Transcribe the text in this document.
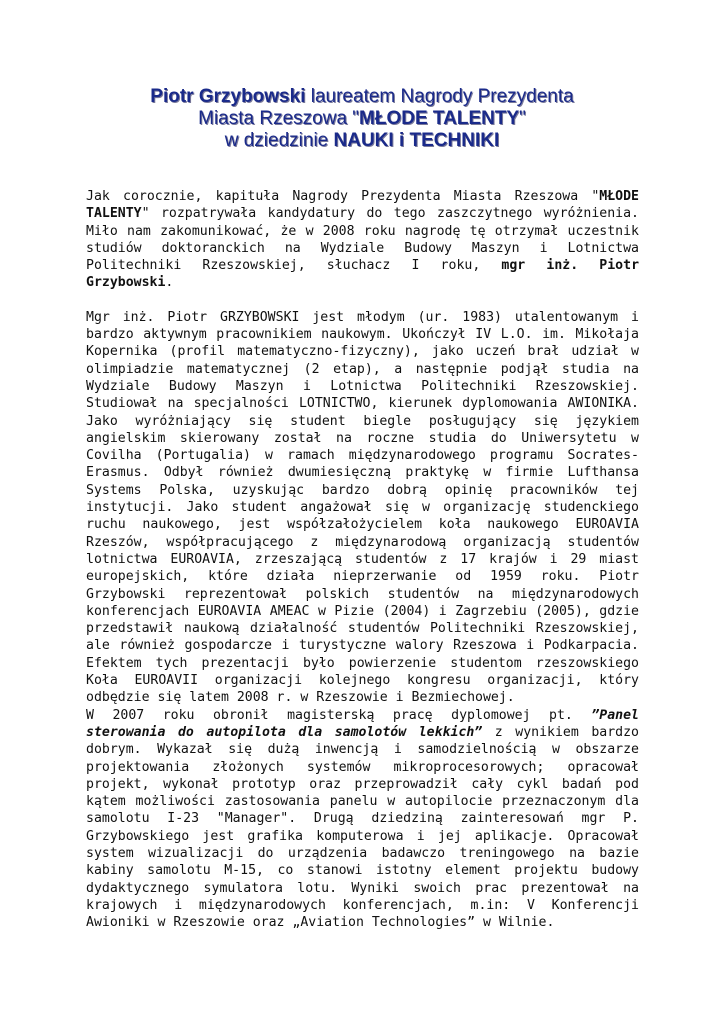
Piotr Grzybowski laureatem Nagrody Prezydenta
Miasta Rzeszowa "MŁODE TALENTY"
w dziedzinie NAUKI i TECHNIKI

Jak corocznie, kapituła Nagrody Prezydenta Miasta Rzeszowa "MŁODE TALENTY" rozpatrywała kandydatury do tego zaszczytnego wyróżnienia. Miło nam zakomunikować, że w 2008 roku nagrodę tę otrzymał uczestnik studiów doktoranckich na Wydziale Budowy Maszyn i Lotnictwa Politechniki Rzeszowskiej, słuchacz I roku, mgr inż. Piotr Grzybowski.

Mgr inż. Piotr GRZYBOWSKI jest młodym (ur. 1983) utalentowanym i bardzo aktywnym pracownikiem naukowym. Ukończył IV L.O. im. Mikołaja Kopernika (profil matematyczno-fizyczny), jako uczeń brał udział w olimpiadzie matematycznej (2 etap), a następnie podjął studia na Wydziale Budowy Maszyn i Lotnictwa Politechniki Rzeszowskiej. Studiował na specjalności LOTNICTWO, kierunek dyplomowania AWIONIKA. Jako wyróżniający się student biegle posługujący się językiem angielskim skierowany został na roczne studia do Uniwersytetu w Covilha (Portugalia) w ramach międzynarodowego programu Socrates-Erasmus. Odbył również dwumiesięczną praktykę w firmie Lufthansa Systems Polska, uzyskując bardzo dobrą opinię pracowników tej instytucji. Jako student angażował się w organizację studenckiego ruchu naukowego, jest współzałożycielem koła naukowego EUROAVIA Rzeszów, współpracującego z międzynarodową organizacją studentów lotnictwa EUROAVIA, zrzeszającą studentów z 17 krajów i 29 miast europejskich, które działa nieprzerwanie od 1959 roku. Piotr Grzybowski reprezentował polskich studentów na międzynarodowych konferencjach EUROAVIA AMEAC w Pizie (2004) i Zagrzebiu (2005), gdzie przedstawił naukową działalność studentów Politechniki Rzeszowskiej, ale również gospodarcze i turystyczne walory Rzeszowa i Podkarpacia. Efektem tych prezentacji było powierzenie studentom rzeszowskiego Koła EUROAVII organizacji kolejnego kongresu organizacji, który odbędzie się latem 2008 r. w Rzeszowie i Bezmiechowej.

W 2007 roku obronił magisterską pracę dyplomowej pt. ”Panel sterowania do autopilota dla samolotów lekkich” z wynikiem bardzo dobrym. Wykazał się dużą inwencją i samodzielnością w obszarze projektowania złożonych systemów mikroprocesorowych; opracował projekt, wykonał prototyp oraz przeprowadził cały cykl badań pod kątem możliwości zastosowania panelu w autopilocie przeznaczonym dla samolotu I-23 "Manager". Drugą dziedziną zainteresowań mgr P. Grzybowskiego jest grafika komputerowa i jej aplikacje. Opracował system wizualizacji do urządzenia badawczo treningowego na bazie kabiny samolotu M-15, co stanowi istotny element projektu budowy dydaktycznego symulatora lotu. Wyniki swoich prac prezentował na krajowych i międzynarodowych konferencjach, m.in: V Konferencji Awioniki w Rzeszowie oraz „Aviation Technologies” w Wilnie.
